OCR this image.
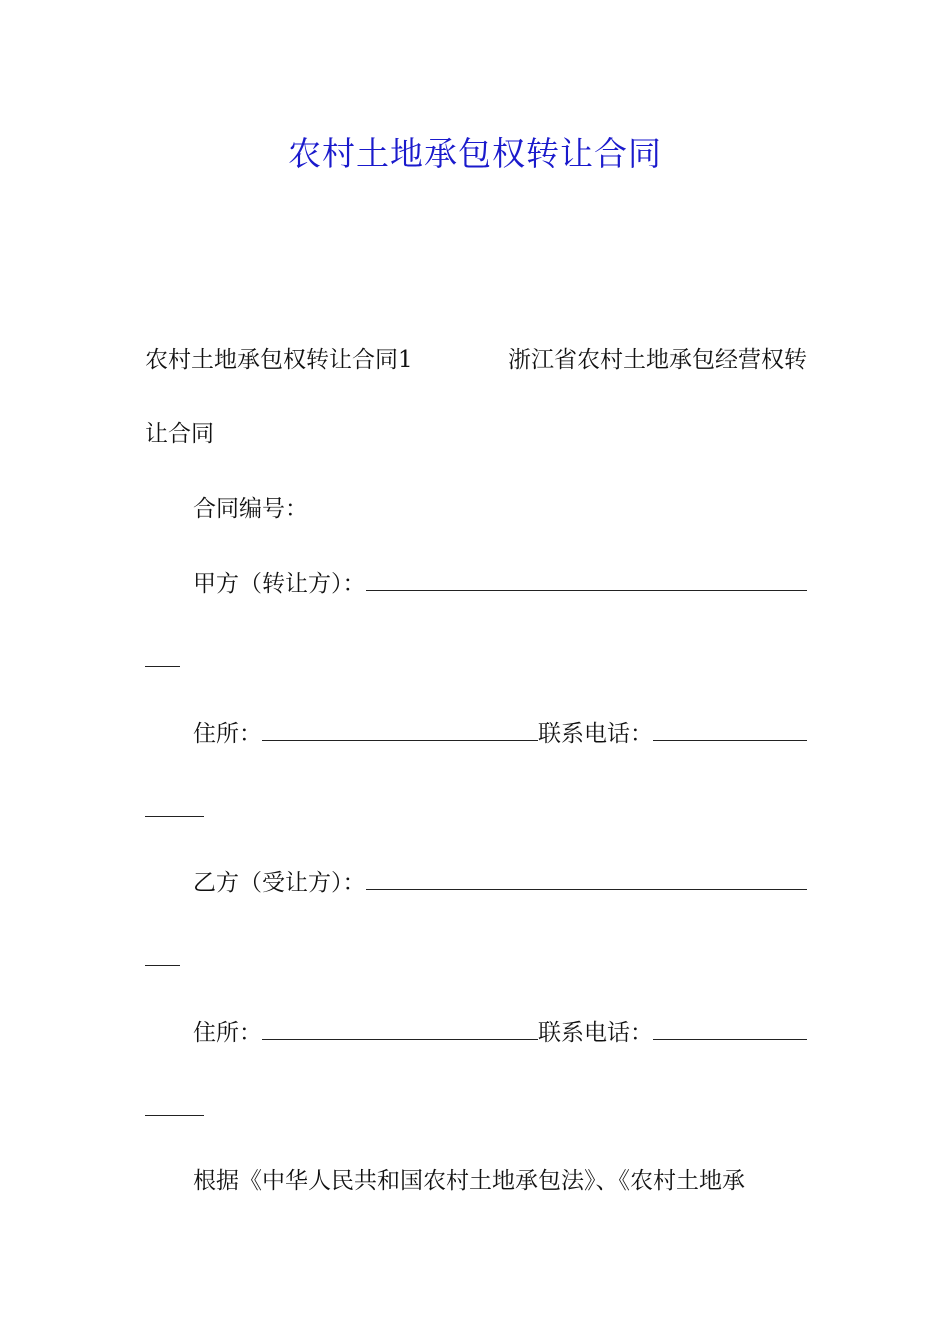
农村土地承包权转让合同
农村土地承包权转让合同1	浙江省农村土地承包经营权转
让合同
合同编号：
甲方（转让方）：
住所：	联系电话：
乙方（受让方）：
住所：	联系电话：
根据《中华人民共和国农村土地承包法》、《农村土地承
